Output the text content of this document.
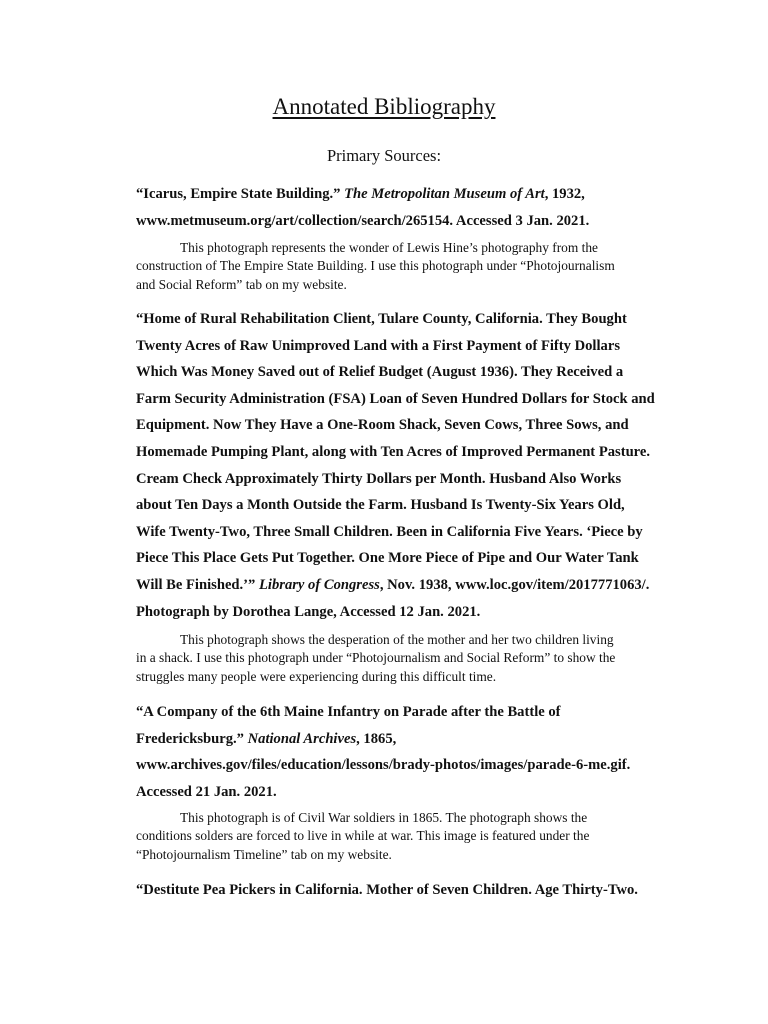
Annotated Bibliography
Primary Sources:
“Icarus, Empire State Building.” The Metropolitan Museum of Art, 1932,
www.metmuseum.org/art/collection/search/265154. Accessed 3 Jan. 2021.
This photograph represents the wonder of Lewis Hine’s photography from the
construction of The Empire State Building. I use this photograph under “Photojournalism
and Social Reform” tab on my website.
“Home of Rural Rehabilitation Client, Tulare County, California. They Bought
Twenty Acres of Raw Unimproved Land with a First Payment of Fifty Dollars
Which Was Money Saved out of Relief Budget (August 1936). They Received a
Farm Security Administration (FSA) Loan of Seven Hundred Dollars for Stock and
Equipment. Now They Have a One-Room Shack, Seven Cows, Three Sows, and
Homemade Pumping Plant, along with Ten Acres of Improved Permanent Pasture.
Cream Check Approximately Thirty Dollars per Month. Husband Also Works
about Ten Days a Month Outside the Farm. Husband Is Twenty-Six Years Old,
Wife Twenty-Two, Three Small Children. Been in California Five Years. ‘Piece by
Piece This Place Gets Put Together. One More Piece of Pipe and Our Water Tank
Will Be Finished.’” Library of Congress, Nov. 1938, www.loc.gov/item/2017771063/.
Photograph by Dorothea Lange, Accessed 12 Jan. 2021.
This photograph shows the desperation of the mother and her two children living
in a shack. I use this photograph under “Photojournalism and Social Reform” to show the
struggles many people were experiencing during this difficult time.
“A Company of the 6th Maine Infantry on Parade after the Battle of
Fredericksburg.” National Archives, 1865,
www.archives.gov/files/education/lessons/brady-photos/images/parade-6-me.gif.
Accessed 21 Jan. 2021.
This photograph is of Civil War soldiers in 1865. The photograph shows the
conditions solders are forced to live in while at war. This image is featured under the
“Photojournalism Timeline” tab on my website.
“Destitute Pea Pickers in California. Mother of Seven Children. Age Thirty-Two.
